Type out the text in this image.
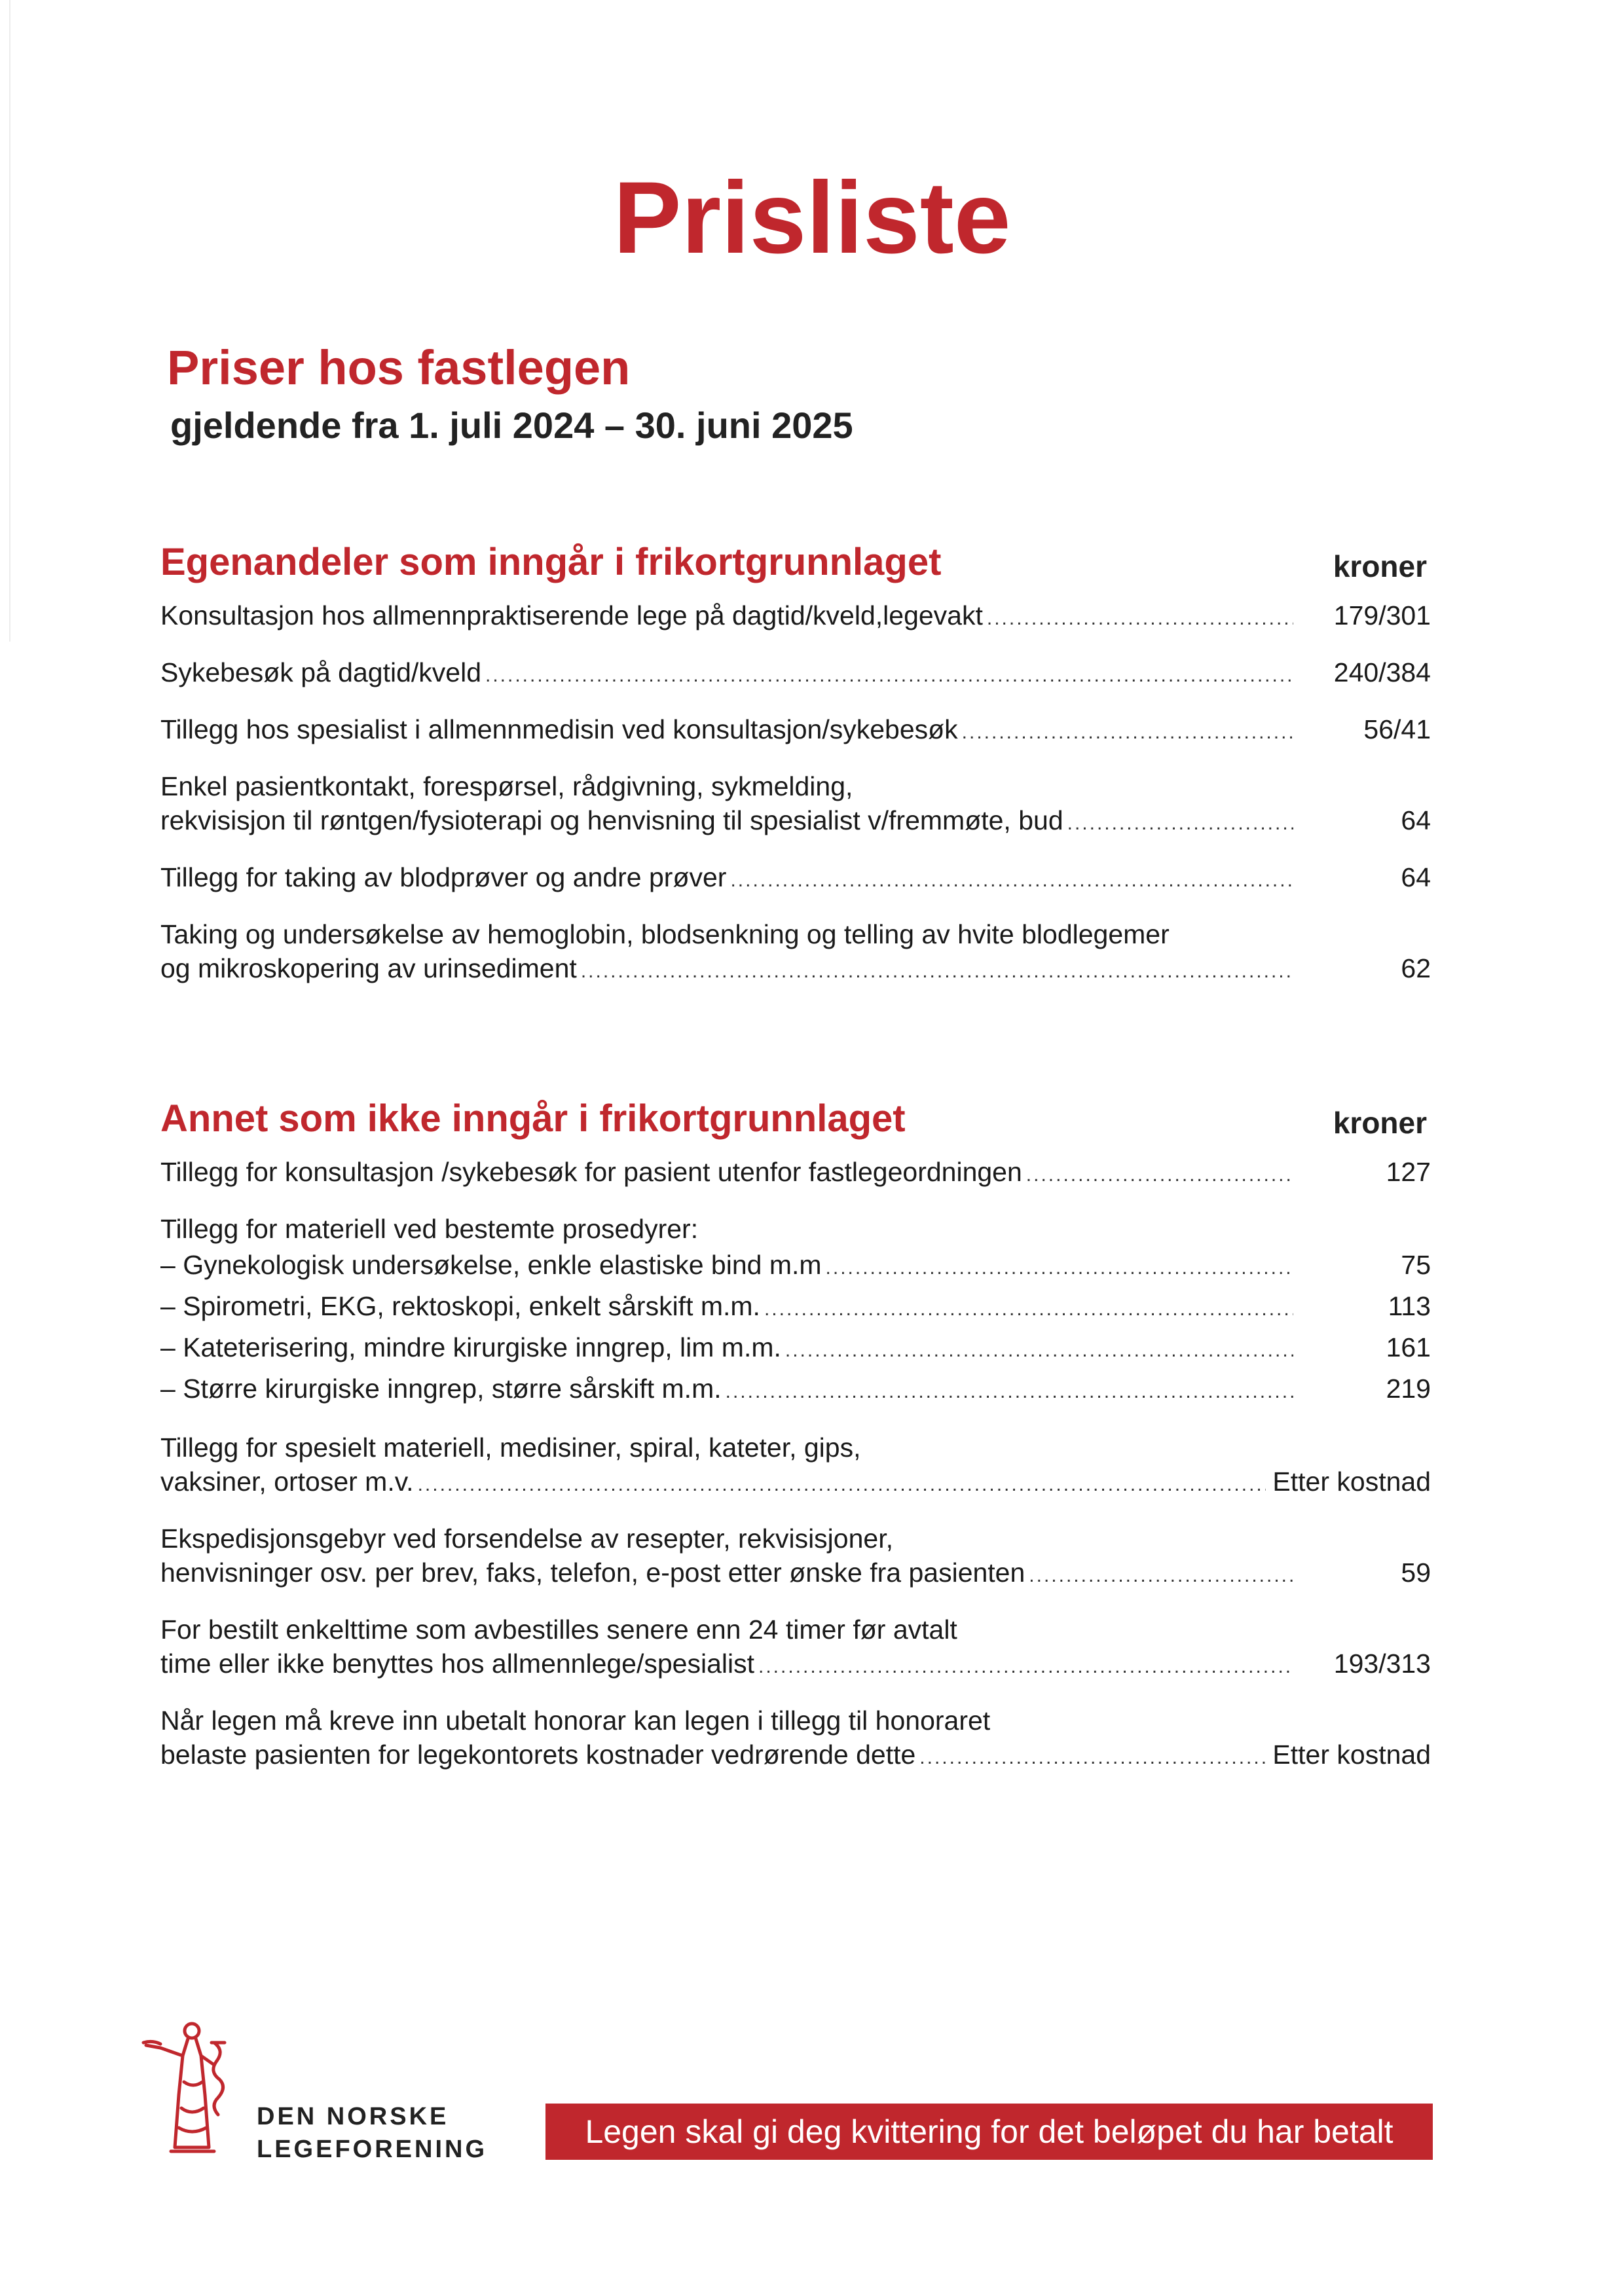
Prisliste
Priser hos fastlegen
gjeldende fra 1. juli 2024 – 30. juni 2025
Egenandeler som inngår i frikortgrunnlaget	kroner
Konsultasjon hos allmennpraktiserende lege på dagtid/kveld,legevakt .....	179/301
Sykebesøk på dagtid/kveld .....	240/384
Tillegg hos spesialist i allmennmedisin ved konsultasjon/sykebesøk .....	56/41
Enkel pasientkontakt, forespørsel, rådgivning, sykmelding,
rekvisisjon til røntgen/fysioterapi og henvisning til spesialist v/fremmøte, bud .....	64
Tillegg for taking av blodprøver og andre prøver .....	64
Taking og undersøkelse av hemoglobin, blodsenkning og telling av hvite blodlegemer
og mikroskopering av urinsediment .....	62
Annet som ikke inngår i frikortgrunnlaget	kroner
Tillegg for konsultasjon /sykebesøk for pasient utenfor fastlegeordningen .....	127
Tillegg for materiell ved bestemte prosedyrer:
– Gynekologisk undersøkelse, enkle elastiske bind m.m .....	75
– Spirometri, EKG, rektoskopi, enkelt sårskift m.m. .....	113
– Kateterisering, mindre kirurgiske inngrep, lim m.m. .....	161
– Større kirurgiske inngrep, større sårskift m.m. .....	219
Tillegg for spesielt materiell, medisiner, spiral, kateter, gips,
vaksiner, ortoser m.v. .....	Etter kostnad
Ekspedisjonsgebyr ved forsendelse av resepter, rekvisisjoner,
henvisninger osv. per brev, faks, telefon, e-post etter ønske fra pasienten .....	59
For bestilt enkelttime som avbestilles senere enn 24 timer før avtalt
time eller ikke benyttes hos allmennlege/spesialist .....	193/313
Når legen må kreve inn ubetalt honorar kan legen i tillegg til honoraret
belaste pasienten for legekontorets kostnader vedrørende dette .....	Etter kostnad
DEN NORSKE
LEGEFORENING	Legen skal gi deg kvittering for det beløpet du har betalt
